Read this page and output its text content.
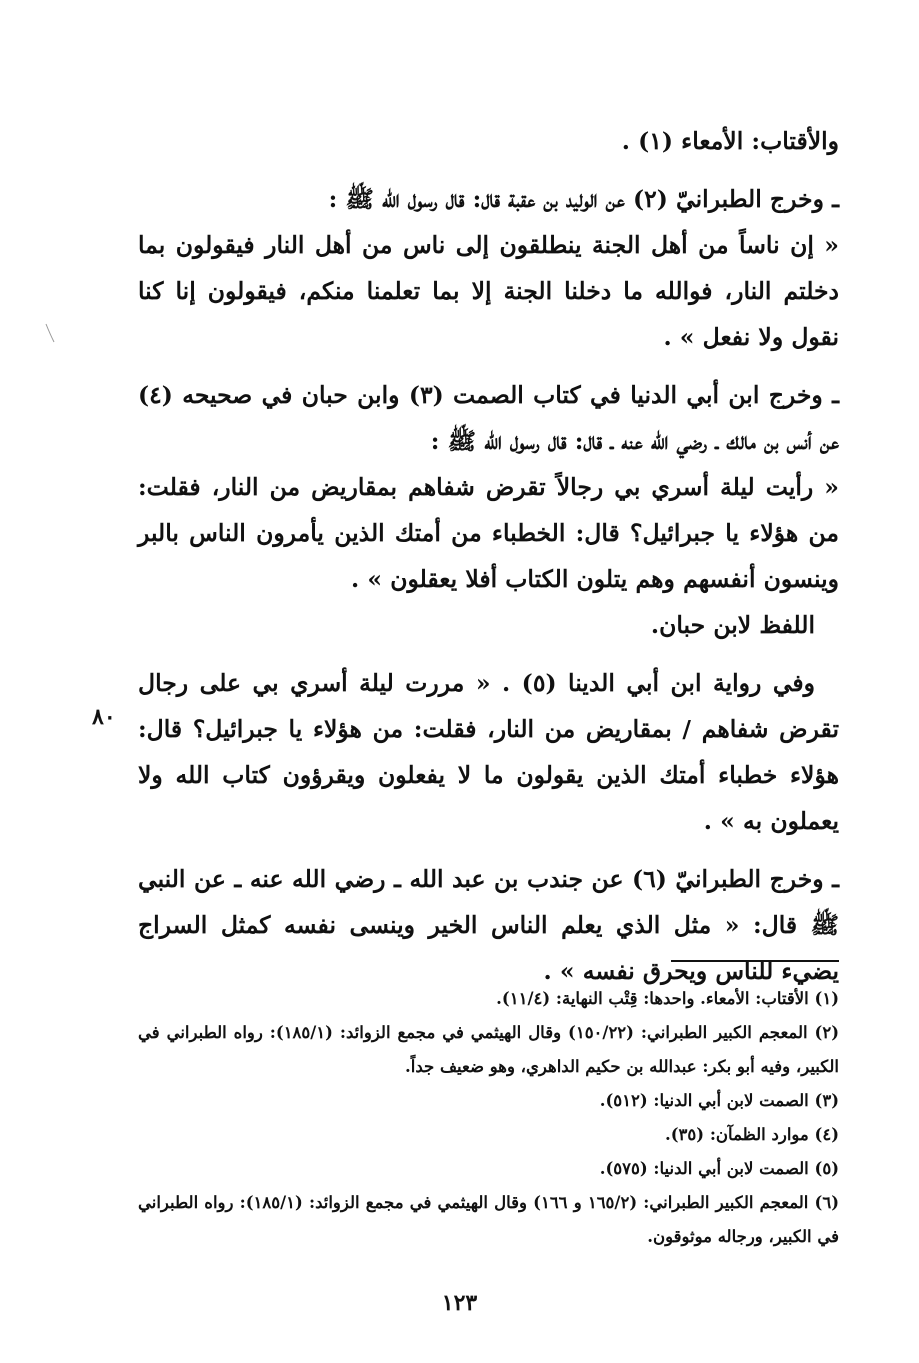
والأقتاب: الأمعاء (١) .

ـ وخرج الطبرانيّ (٢) عن الوليد بن عقبة قال: قال رسول الله ﷺ :

« إن ناساً من أهل الجنة ينطلقون إلى ناس من أهل النار فيقولون بما دخلتم النار، فوالله ما دخلنا الجنة إلا بما تعلمنا منكم، فيقولون إنا كنا نقول ولا نفعل » .

ـ وخرج ابن أبي الدنيا في كتاب الصمت (٣) وابن حبان في صحيحه (٤) عن أنس بن مالك ـ رضي الله عنه ـ قال: قال رسول الله ﷺ :

« رأيت ليلة أسري بي رجالاً تقرض شفاهم بمقاريض من النار، فقلت: من هؤلاء يا جبرائيل؟ قال: الخطباء من أمتك الذين يأمرون الناس بالبر وينسون أنفسهم وهم يتلون الكتاب أفلا يعقلون » .

اللفظ لابن حبان.

وفي رواية ابن أبي الدينا (٥) . « مررت ليلة أسري بي على رجال تقرض شفاهم / بمقاريض من النار، فقلت: من هؤلاء يا جبرائيل؟ قال: هؤلاء خطباء أمتك الذين يقولون ما لا يفعلون ويقرؤون كتاب الله ولا يعملون به » .

ـ وخرج الطبرانيّ (٦) عن جندب بن عبد الله ـ رضي الله عنه ـ عن النبي ﷺ قال: « مثل الذي يعلم الناس الخير وينسى نفسه كمثل السراج يضيء للناس ويحرق نفسه » .

٨٠

(١) الأقتاب: الأمعاء. واحدها: قِتْب النهاية: (١١/٤).

(٢) المعجم الكبير الطبراني: (١٥٠/٢٢) وقال الهيثمي في مجمع الزوائد: (١٨٥/١): رواه الطبراني في الكبير، وفيه أبو بكر: عبدالله بن حكيم الداهري، وهو ضعيف جداً.

(٣) الصمت لابن أبي الدنيا: (٥١٢).

(٤) موارد الظمآن: (٣٥).

(٥) الصمت لابن أبي الدنيا: (٥٧٥).

(٦) المعجم الكبير الطبراني: (١٦٥/٢ و ١٦٦) وقال الهيثمي في مجمع الزوائد: (١٨٥/١): رواه الطبراني في الكبير، ورجاله موثوقون.

١٢٣
